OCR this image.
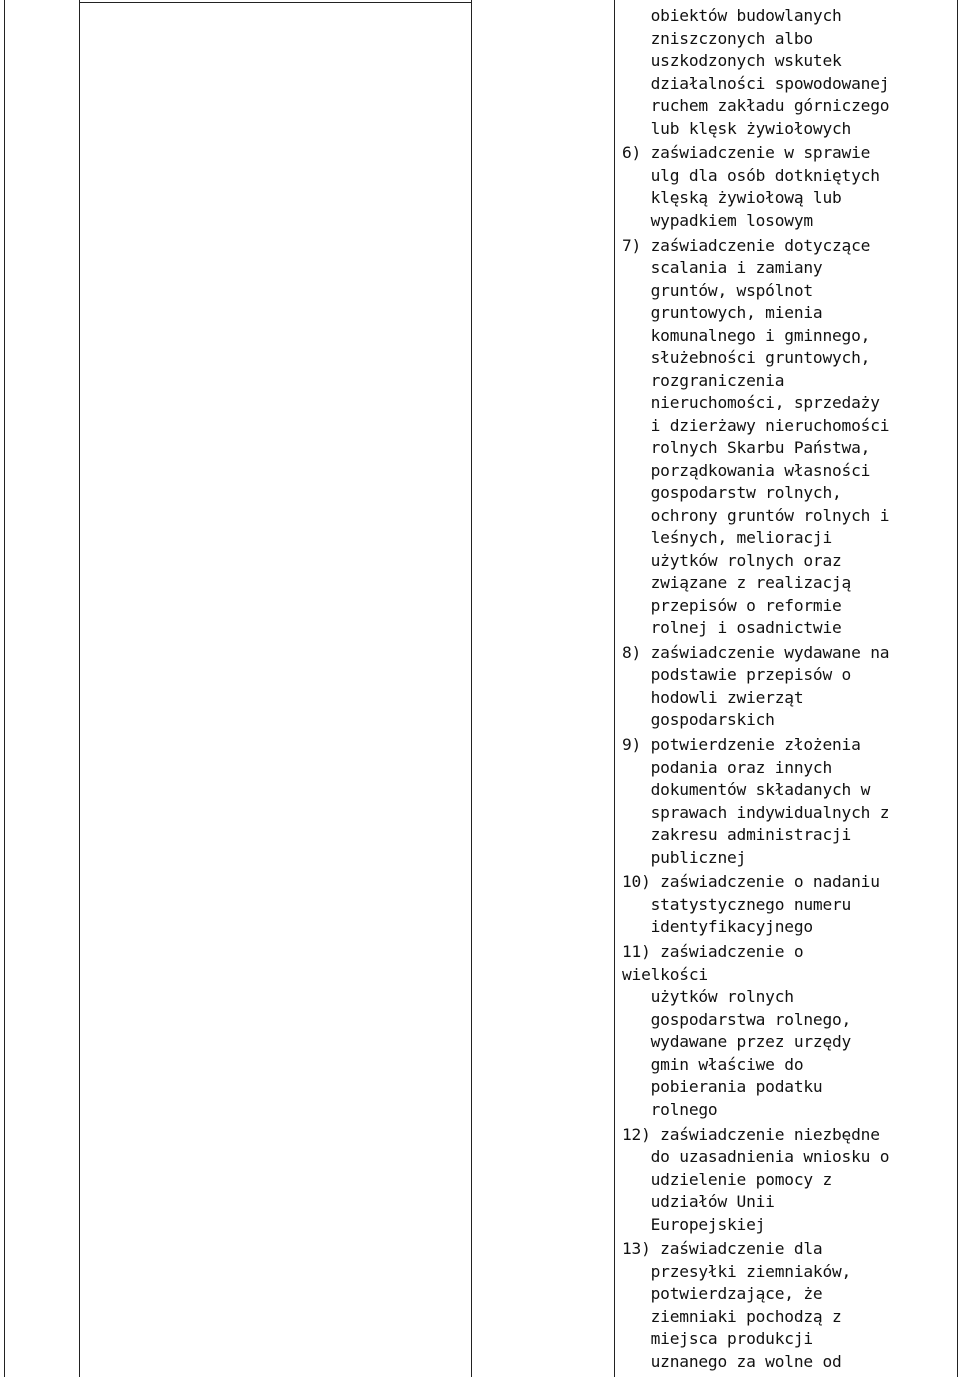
obiektów budowlanych
zniszczonych albo
uszkodzonych wskutek
działalności spowodowanej
ruchem zakładu górniczego
lub klęsk żywiołowych
6) zaświadczenie w sprawie
ulg dla osób dotkniętych
klęską żywiołową lub
wypadkiem losowym
7) zaświadczenie dotyczące
scalania i zamiany
gruntów, wspólnot
gruntowych, mienia
komunalnego i gminnego,
służebności gruntowych,
rozgraniczenia
nieruchomości, sprzedaży
i dzierżawy nieruchomości
rolnych Skarbu Państwa,
porządkowania własności
gospodarstw rolnych,
ochrony gruntów rolnych i
leśnych, melioracji
użytków rolnych oraz
związane z realizacją
przepisów o reformie
rolnej i osadnictwie
8) zaświadczenie wydawane na
podstawie przepisów o
hodowli zwierząt
gospodarskich
9) potwierdzenie złożenia
podania oraz innych
dokumentów składanych w
sprawach indywidualnych z
zakresu administracji
publicznej
10) zaświadczenie o nadaniu
statystycznego numeru
identyfikacyjnego
11) zaświadczenie o
wielkości
użytków rolnych
gospodarstwa rolnego,
wydawane przez urzędy
gmin właściwe do
pobierania podatku
rolnego
12) zaświadczenie niezbędne
do uzasadnienia wniosku o
udzielenie pomocy z
udziałów Unii
Europejskiej
13) zaświadczenie dla
przesyłki ziemniaków,
potwierdzające, że
ziemniaki pochodzą z
miejsca produkcji
uznanego za wolne od
